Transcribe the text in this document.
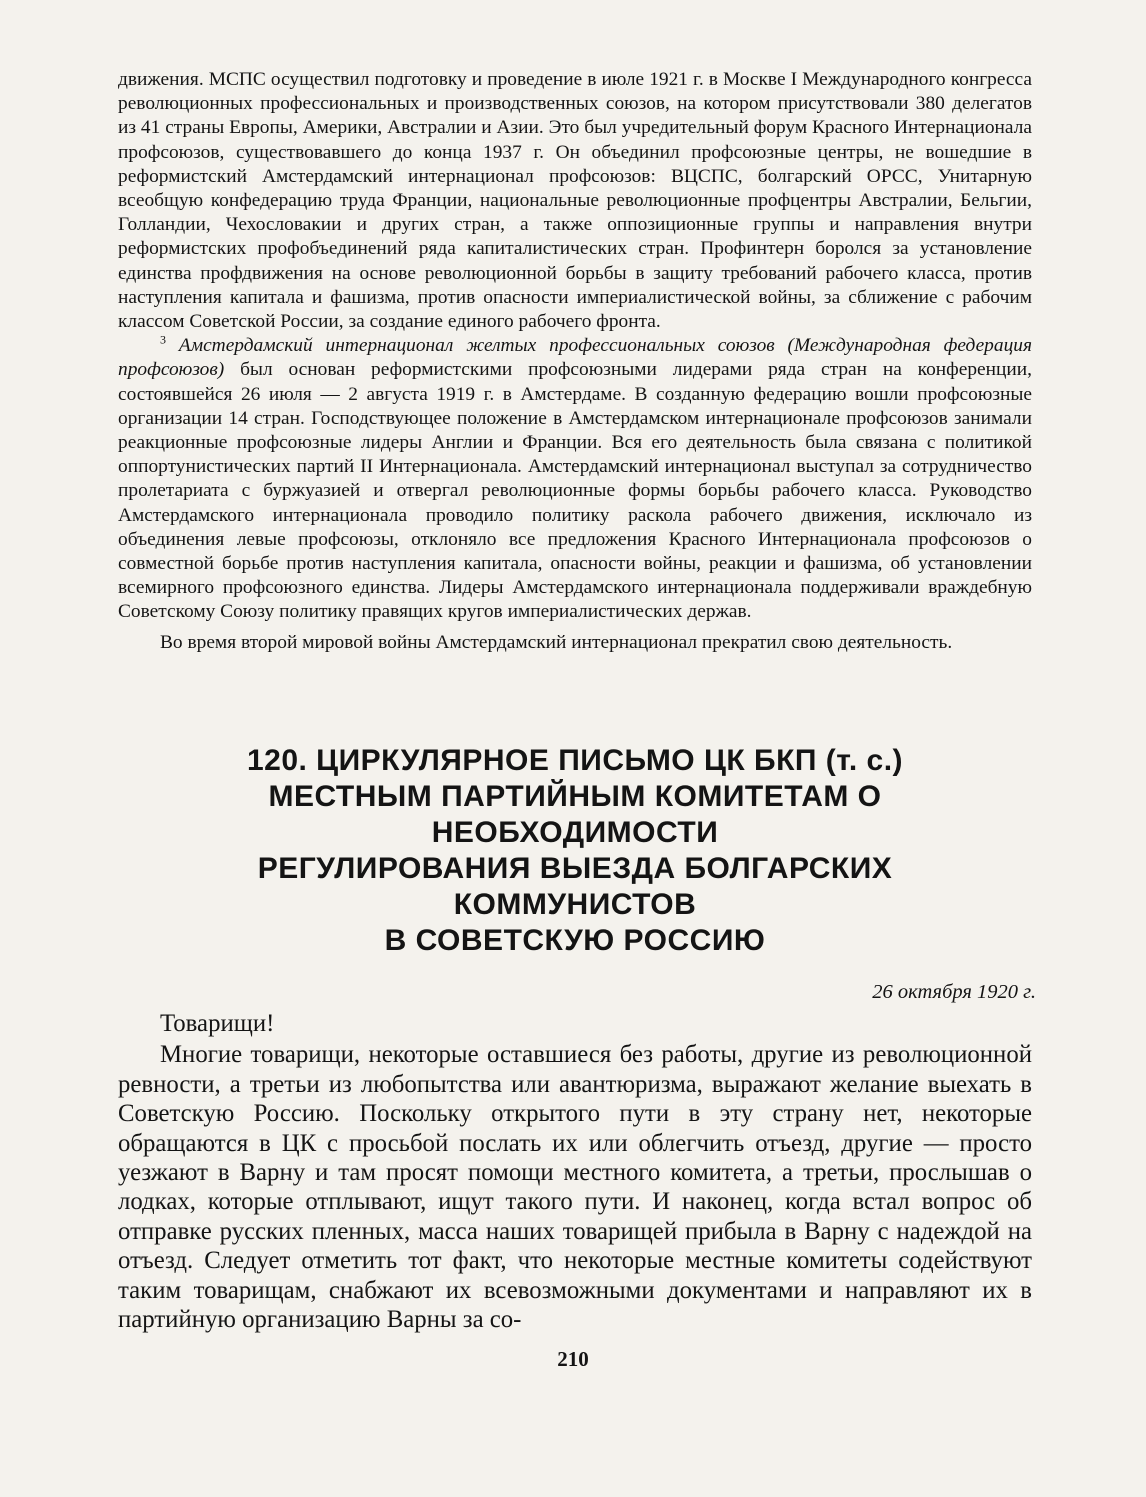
движения. МСПС осуществил подготовку и проведение в июле 1921 г. в Москве I Международного конгресса революционных профессиональных и производственных союзов, на котором присутствовали 380 делегатов из 41 страны Европы, Америки, Австралии и Азии. Это был учредительный форум Красного Интернационала профсоюзов, существовавшего до конца 1937 г. Он объединил профсоюзные центры, не вошедшие в реформистский Амстердамский интернационал профсоюзов: ВЦСПС, болгарский ОРСС, Унитарную всеобщую конфедерацию труда Франции, национальные революционные профцентры Австралии, Бельгии, Голландии, Чехословакии и других стран, а также оппозиционные группы и направления внутри реформистских профобъединений ряда капиталистических стран. Профинтерн боролся за установление единства профдвижения на основе революционной борьбы в защиту требований рабочего класса, против наступления капитала и фашизма, против опасности империалистической войны, за сближение с рабочим классом Советской России, за создание единого рабочего фронта.

$^3$ Амстердамский интернационал желтых профессиональных союзов (Международная федерация профсоюзов) был основан реформистскими профсоюзными лидерами ряда стран на конференции, состоявшейся 26 июля — 2 августа 1919 г. в Амстердаме. В созданную федерацию вошли профсоюзные организации 14 стран. Господствующее положение в Амстердамском интернационале профсоюзов занимали реакционные профсоюзные лидеры Англии и Франции. Вся его деятельность была связана с политикой оппортунистических партий II Интернационала. Амстердамский интернационал выступал за сотрудничество пролетариата с буржуазией и отвергал революционные формы борьбы рабочего класса. Руководство Амстердамского интернационала проводило политику раскола рабочего движения, исключало из объединения левые профсоюзы, отклоняло все предложения Красного Интернационала профсоюзов о совместной борьбе против наступления капитала, опасности войны, реакции и фашизма, об установлении всемирного профсоюзного единства. Лидеры Амстердамского интернационала поддерживали враждебную Советскому Союзу политику правящих кругов империалистических держав.

Во время второй мировой войны Амстердамский интернационал прекратил свою деятельность.

120. ЦИРКУЛЯРНОЕ ПИСЬМО ЦК БКП (т. с.)
МЕСТНЫМ ПАРТИЙНЫМ КОМИТЕТАМ О НЕОБХОДИМОСТИ
РЕГУЛИРОВАНИЯ ВЫЕЗДА БОЛГАРСКИХ КОММУНИСТОВ
В СОВЕТСКУЮ РОССИЮ
26 октября 1920 г.

Товарищи!

Многие товарищи, некоторые оставшиеся без работы, другие из революционной ревности, а третьи из любопытства или авантюризма, выражают желание выехать в Советскую Россию. Поскольку открытого пути в эту страну нет, некоторые обращаются в ЦК с просьбой послать их или облегчить отъезд, другие — просто уезжают в Варну и там просят помощи местного комитета, а третьи, прослышав о лодках, которые отплывают, ищут такого пути. И наконец, когда встал вопрос об отправке русских пленных, масса наших товарищей прибыла в Варну с надеждой на отъезд. Следует отметить тот факт, что некоторые местные комитеты содействуют таким товарищам, снабжают их всевозможными документами и направляют их в партийную организацию Варны за со-

210
